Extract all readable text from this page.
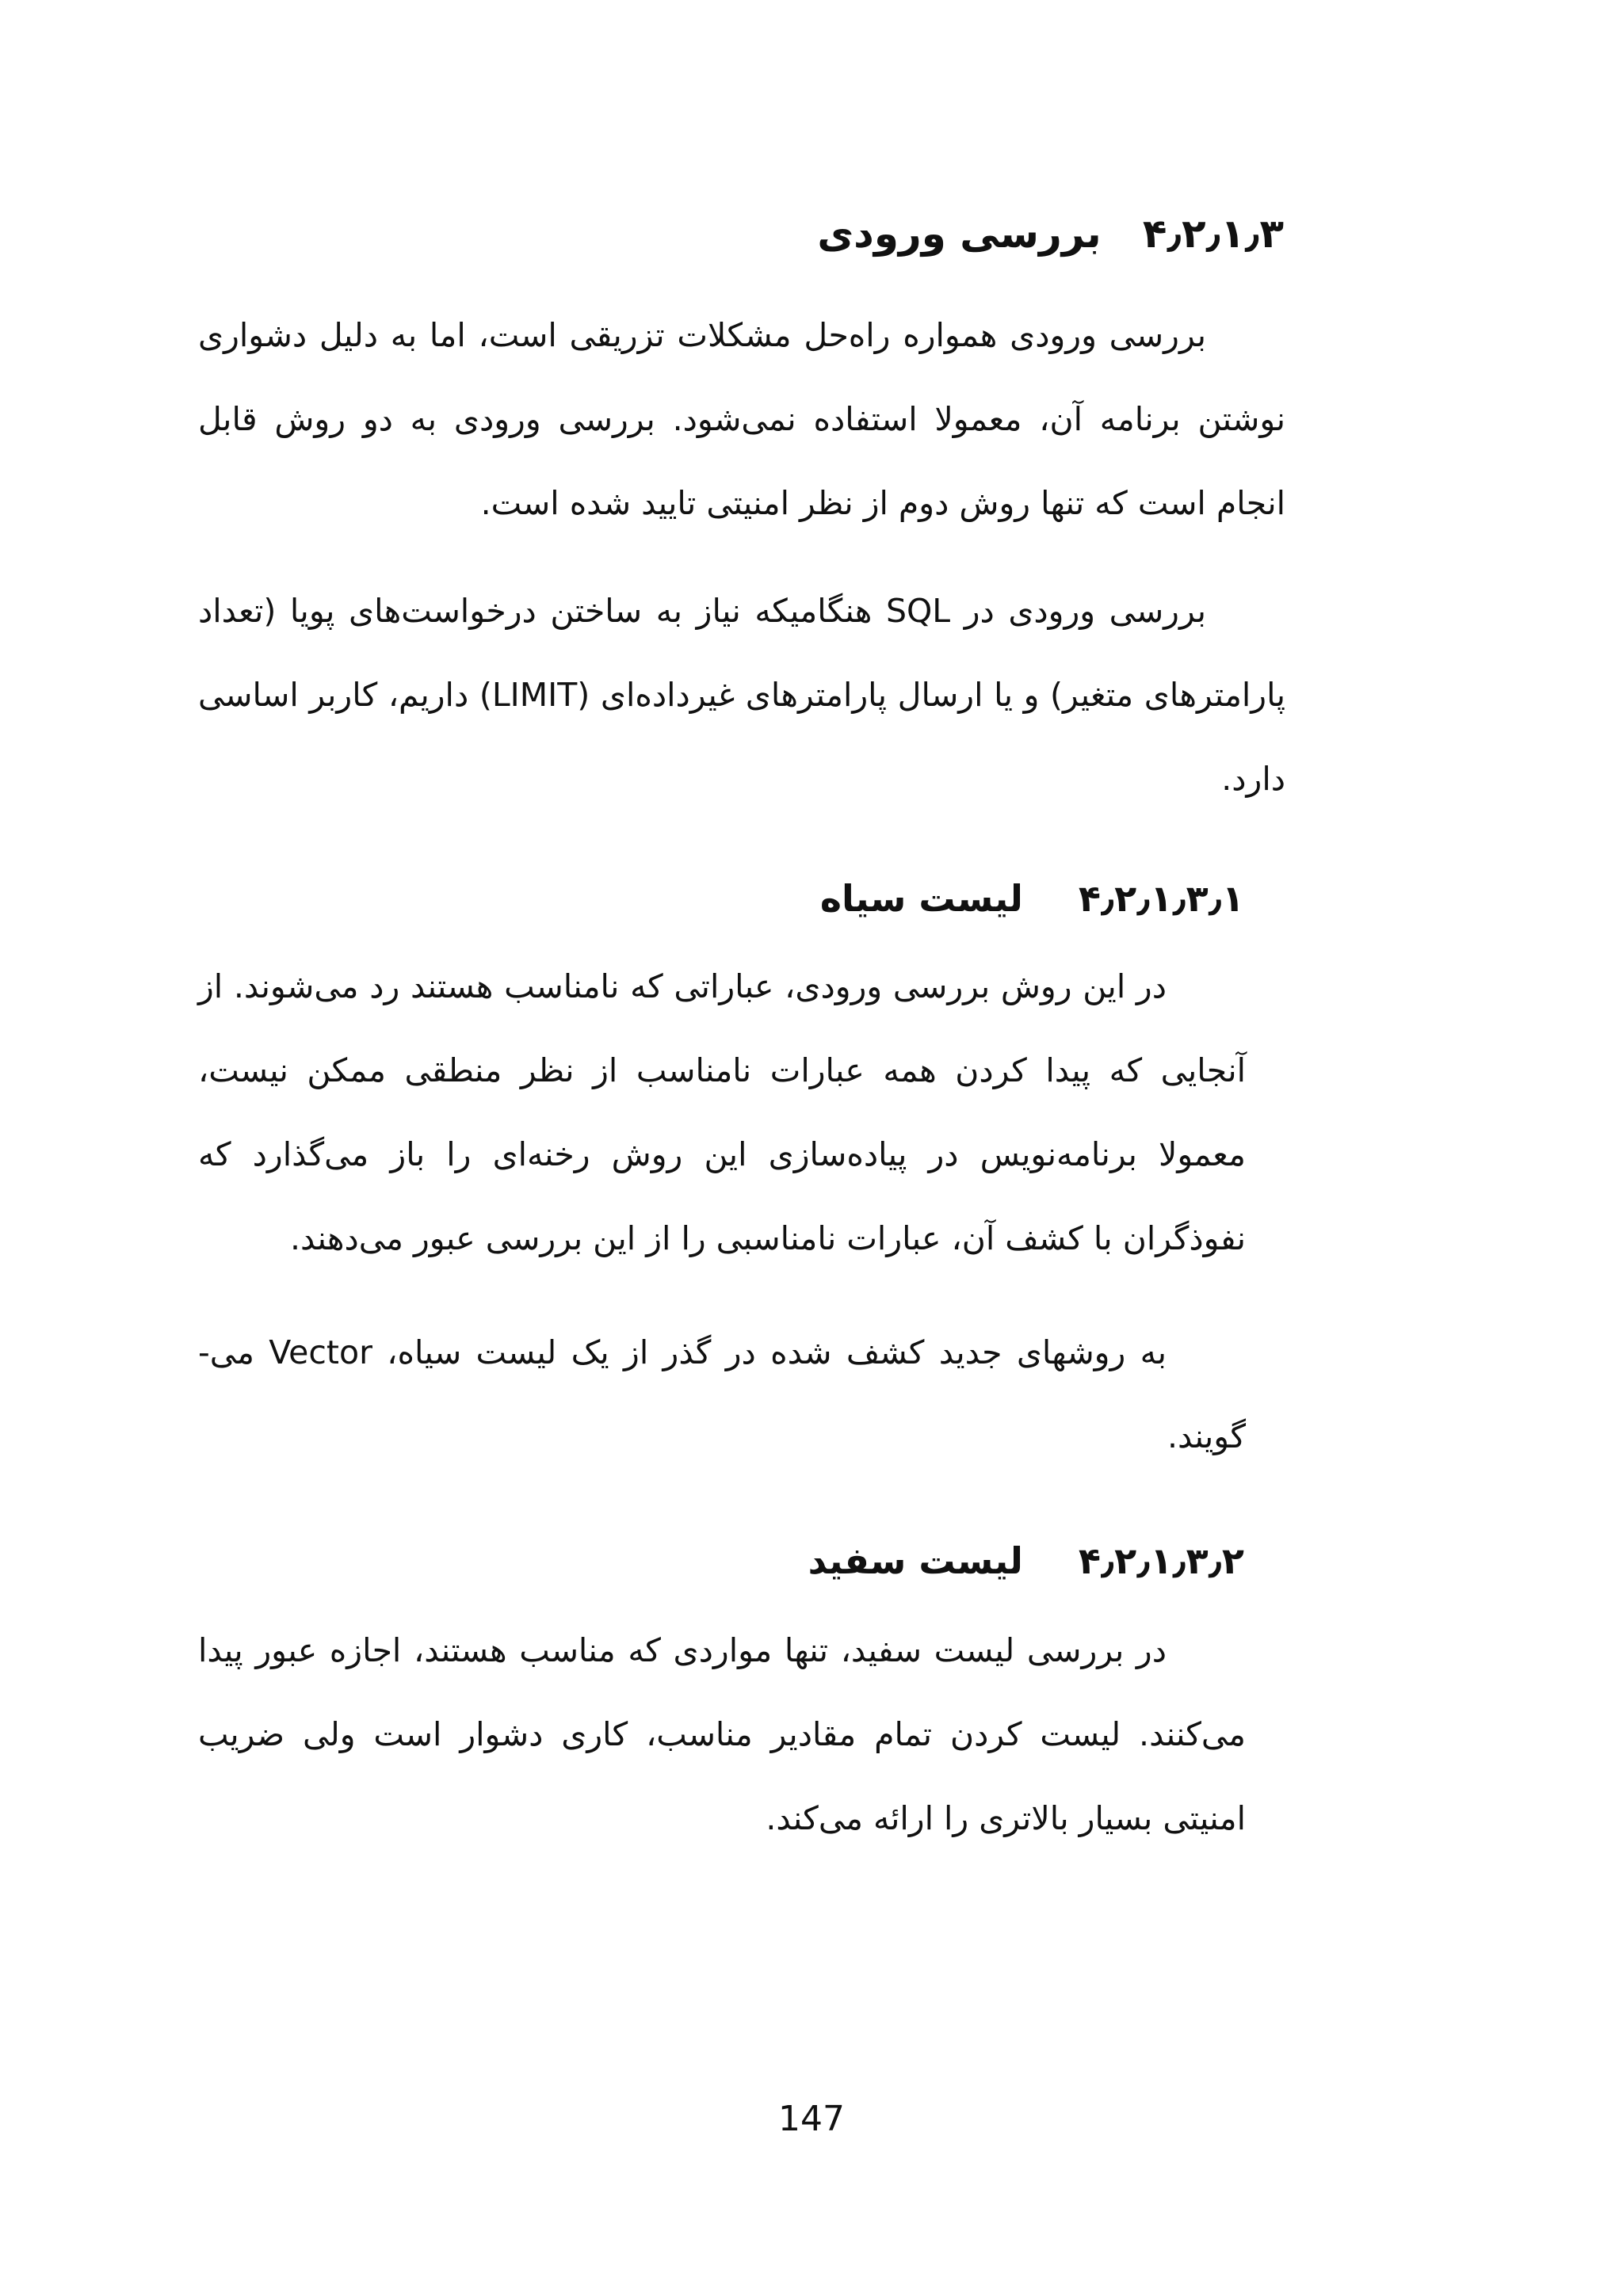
۴٫۲٫۱٫۳   بررسی ورودی

بررسی ورودی همواره راه‌حل مشکلات تزریقی است، اما به دلیل دشواری نوشتن برنامه آن، معمولا استفاده نمی‌شود. بررسی ورودی به دو روش قابل انجام است که تنها روش دوم از نظر امنیتی تایید شده است.

بررسی ورودی در SQL هنگامیکه نیاز به ساختن درخواست‌های پویا (تعداد پارامترهای متغیر) و یا ارسال پارامترهای غیرداده‌ای (LIMIT) داریم، کاربر اساسی دارد.

۴٫۲٫۱٫۳٫۱لیست سیاه

در این روش بررسی ورودی، عباراتی که نامناسب هستند رد می‌شوند. از آنجایی که پیدا کردن همه عبارات نامناسب از نظر منطقی ممکن نیست، معمولا برنامه‌نویس در پیاده‌سازی این روش رخنه‌ای را باز می‌گذارد که نفوذگران با کشف آن، عبارات نامناسبی را از این بررسی عبور می‌دهند.

به روشهای جدید کشف شده در گذر از یک لیست سیاه، Vector می‌-گویند.

۴٫۲٫۱٫۳٫۲لیست سفید

در بررسی لیست سفید، تنها مواردی که مناسب هستند، اجازه عبور پیدا می‌کنند. لیست کردن تمام مقادیر مناسب، کاری دشوار است ولی ضریب امنیتی بسیار بالاتری را ارائه می‌کند.

147
